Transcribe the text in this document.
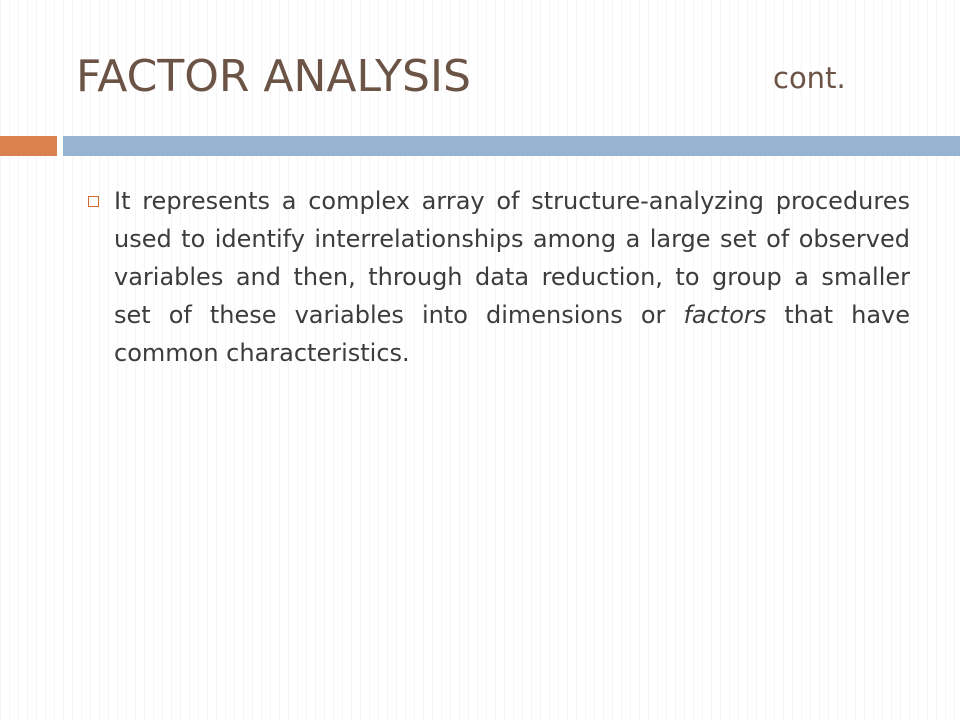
FACTOR ANALYSIS	cont.
It represents a complex array of structure-analyzing procedures used to identify interrelationships among a large set of observed variables and then, through data reduction, to group a smaller set of these variables into dimensions or factors that have common characteristics.
